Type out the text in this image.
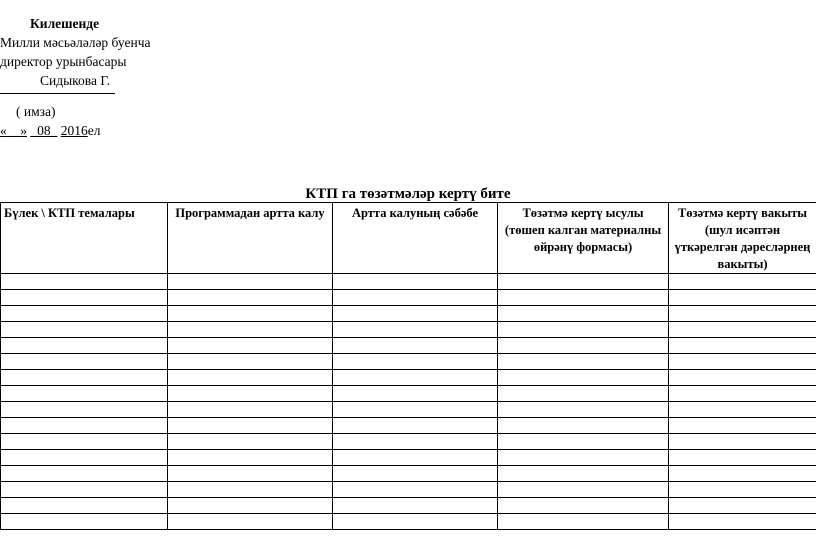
Килешенде
Милли мәсьәләләр буенча
директор урынбасары
Сидыкова Г.
( имза)
«__» _08_ 2016ел
КТП га төзәтмәләр кертү бите
Бүлек \ КТП темалары	Программадан арттa калу	Артта калуның сәбәбе	Төзәтмә кертү ысулы (төшеп калган материалны өйрәнү формасы)	Төзәтмә кертү вакыты (шул исәптән үткәрелгән дәресләрнең вакыты)
